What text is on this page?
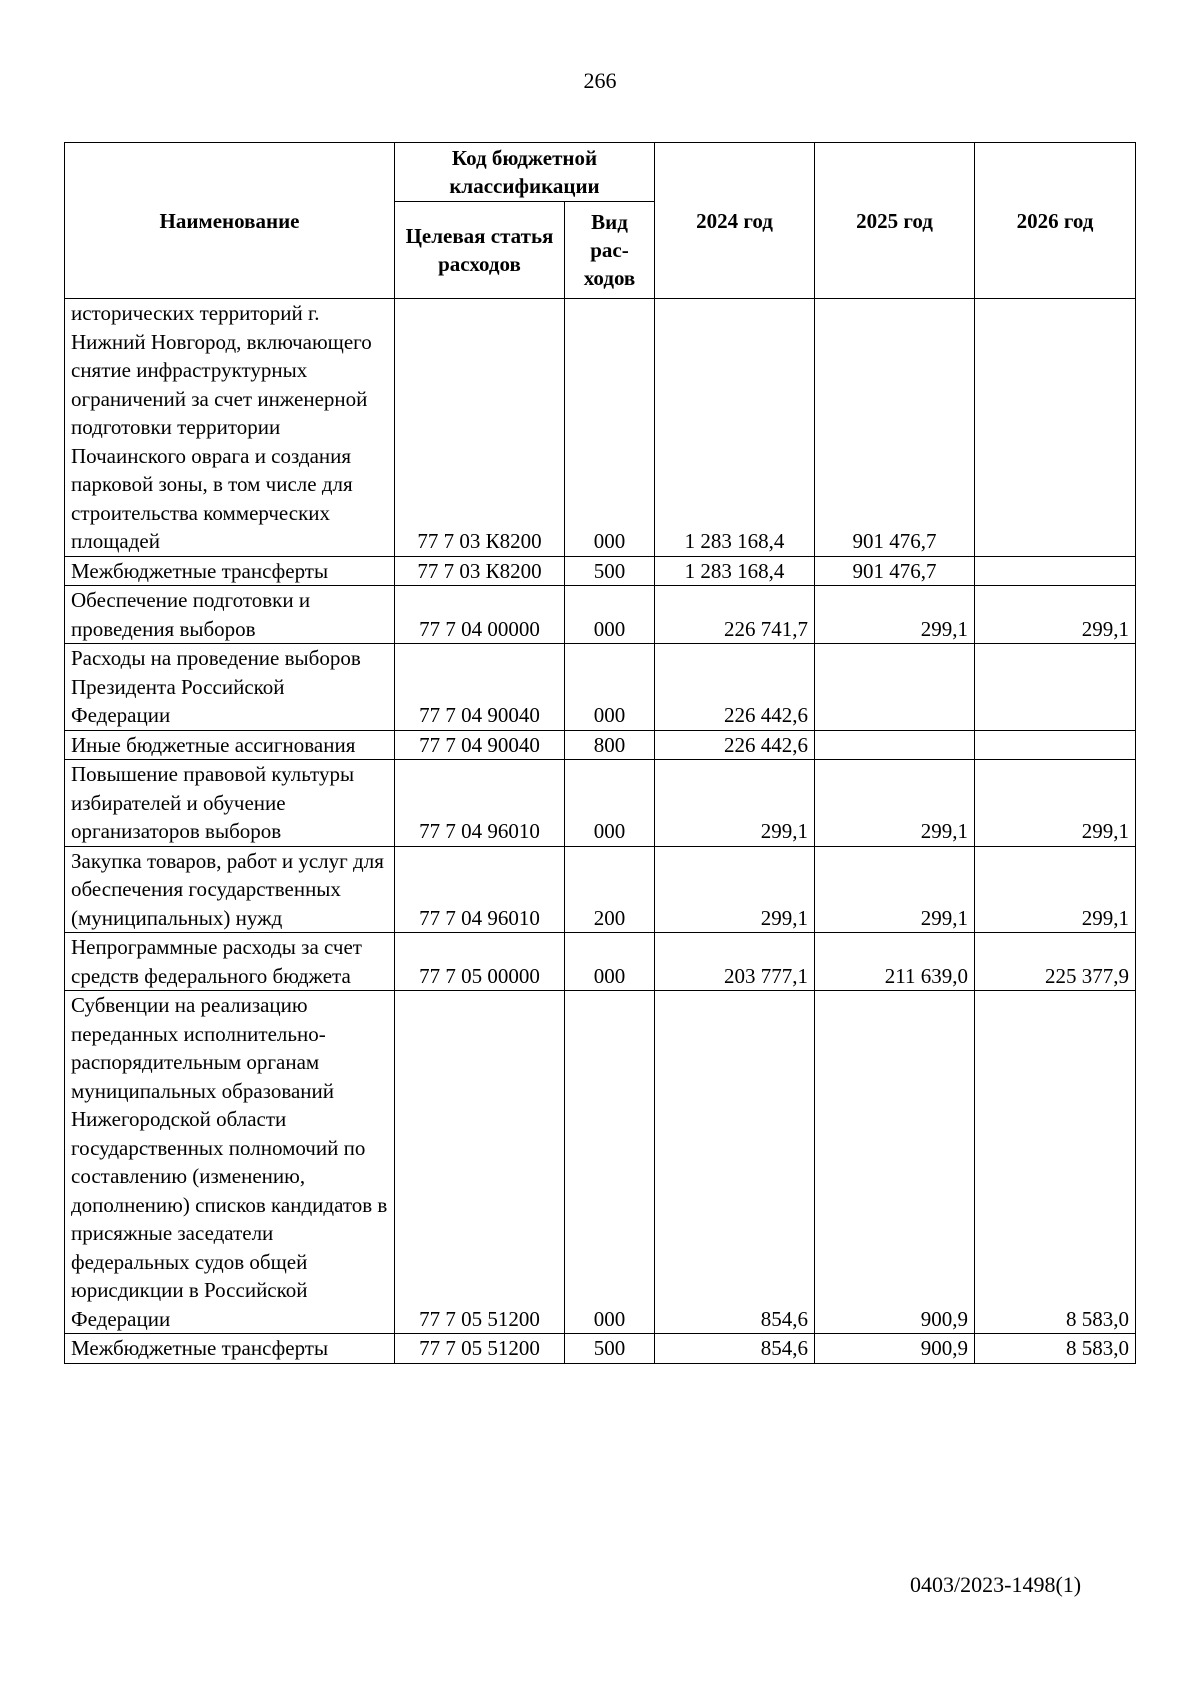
266
Наименование	Код бюджетной классификации		2024 год	2025 год	2026 год
	Целевая статья расходов	Вид рас- ходов			
исторических территорий г. Нижний Новгород, включающего снятие инфраструктурных ограничений за счет инженерной подготовки территории Почаинского оврага и создания парковой зоны, в том числе для строительства коммерческих площадей	77 7 03 К8200	000	1 283 168,4	901 476,7	
Межбюджетные трансферты	77 7 03 К8200	500	1 283 168,4	901 476,7	
Обеспечение подготовки и проведения выборов	77 7 04 00000	000	226 741,7	299,1	299,1
Расходы на проведение выборов Президента Российской Федерации	77 7 04 90040	000	226 442,6		
Иные бюджетные ассигнования	77 7 04 90040	800	226 442,6		
Повышение правовой культуры избирателей и обучение организаторов выборов	77 7 04 96010	000	299,1	299,1	299,1
Закупка товаров, работ и услуг для обеспечения государственных (муниципальных) нужд	77 7 04 96010	200	299,1	299,1	299,1
Непрограммные расходы за счет средств федерального бюджета	77 7 05 00000	000	203 777,1	211 639,0	225 377,9
Субвенции на реализацию переданных исполнительно-распорядительным органам муниципальных образований Нижегородской области государственных полномочий по составлению (изменению, дополнению) списков кандидатов в присяжные заседатели федеральных судов общей юрисдикции в Российской Федерации	77 7 05 51200	000	854,6	900,9	8 583,0
Межбюджетные трансферты	77 7 05 51200	500	854,6	900,9	8 583,0
0403/2023-1498(1)
